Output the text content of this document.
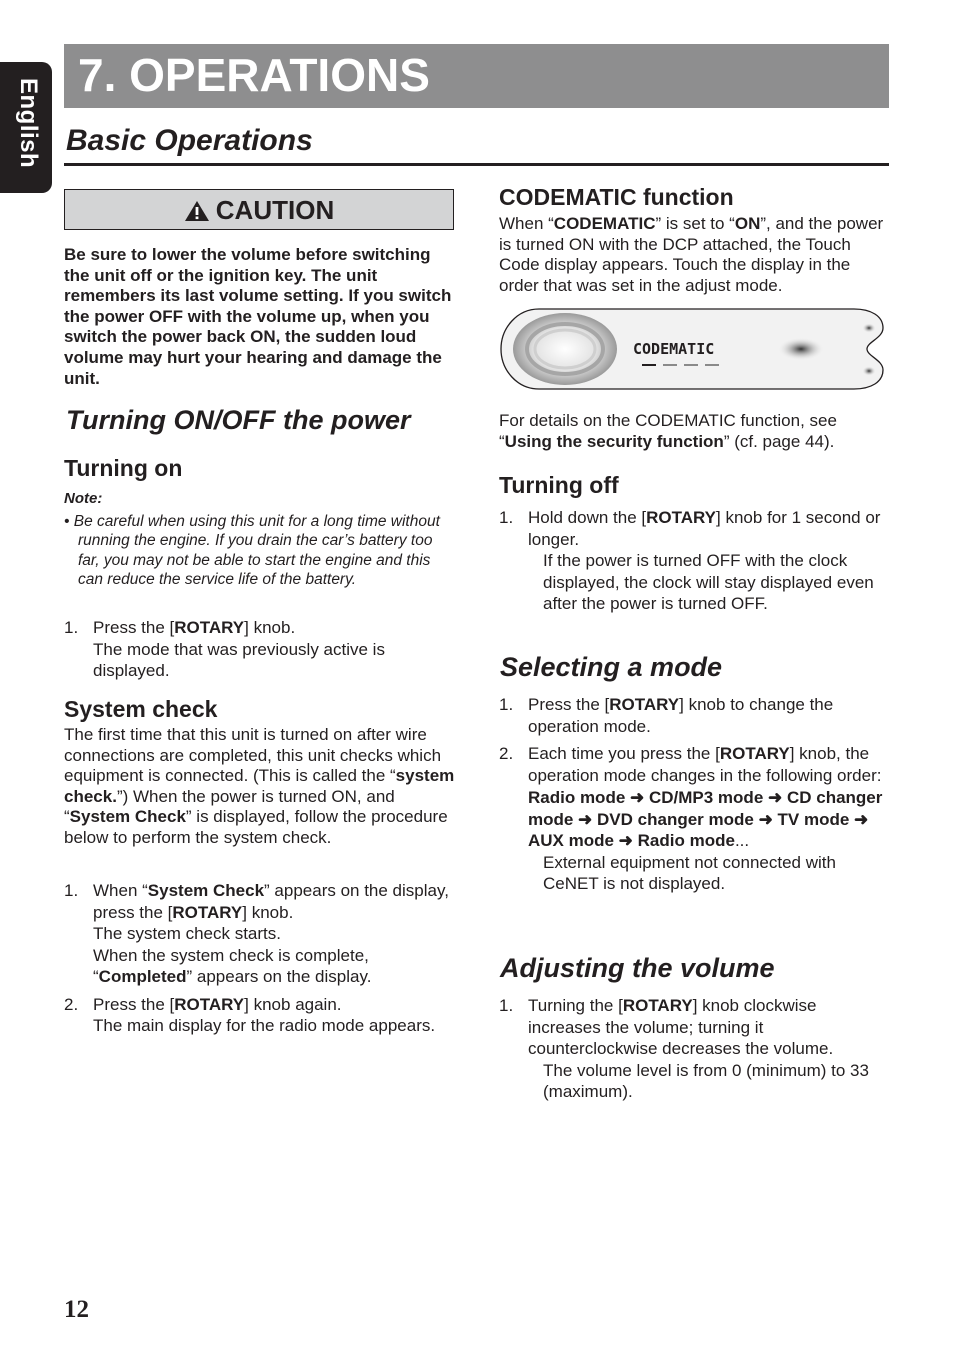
English
7. OPERATIONS
Basic Operations
CAUTION

Be sure to lower the volume before switching the unit off or the ignition key. The unit remembers its last volume setting. If you switch the power OFF with the volume up, when you switch the power back ON, the sudden loud volume may hurt your hearing and damage the unit.

Turning ON/OFF the power
Turning on

Note:

• Be careful when using this unit for a long time without running the engine. If you drain the car’s battery too far, you may not be able to start the engine and this can reduce the service life of the battery.

1. Press the [ROTARY] knob.
The mode that was previously active is displayed.
System check

The first time that this unit is turned on after wire connections are completed, this unit checks which equipment is connected. (This is called the “system check.”) When the power is turned ON, and “System Check” is displayed, follow the procedure below to perform the system check.

1. When “System Check” appears on the display, press the [ROTARY] knob.
The system check starts.
When the system check is complete, “Completed” appears on the display.
2. Press the [ROTARY] knob again.
The main display for the radio mode appears.
CODEMATIC function

When “CODEMATIC” is set to “ON”, and the power is turned ON with the DCP attached, the Touch Code display appears. Touch the display in the order that was set in the adjust mode.

CODEMATIC

For details on the CODEMATIC function, see “Using the security function” (cf. page 44).

Turning off
1. Hold down the [ROTARY] knob for 1 second or longer.
If the power is turned OFF with the clock displayed, the clock will stay displayed even after the power is turned OFF.
Selecting a mode
1. Press the [ROTARY] knob to change the operation mode.
2. Each time you press the [ROTARY] knob, the operation mode changes in the following order:
Radio mode ➜ CD/MP3 mode ➜ CD changer mode ➜ DVD changer mode ➜ TV mode ➜ AUX mode ➜ Radio mode...
External equipment not connected with CeNET is not displayed.
Adjusting the volume
1. Turning the [ROTARY] knob clockwise increases the volume; turning it counterclockwise decreases the volume.
The volume level is from 0 (minimum) to 33 (maximum).
12
